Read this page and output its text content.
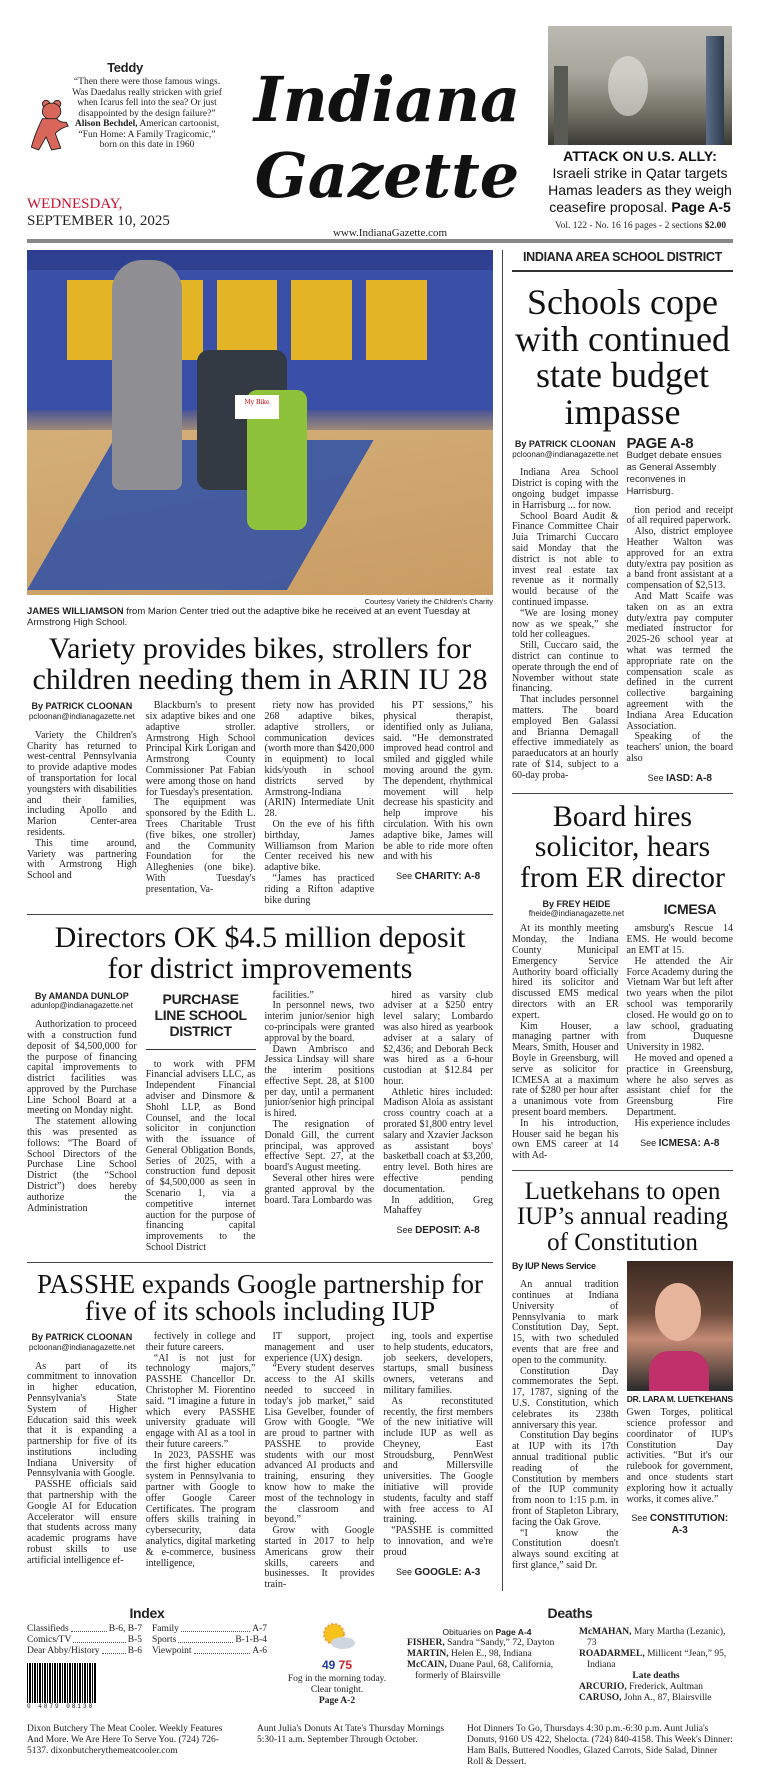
Teddy
“Then there were those famous wings. Was Daedalus really stricken with grief when Icarus fell into the sea? Or just disappointed by the design failure?”
Alison Bechdel, American cartoonist, “Fun Home: A Family Tragicomic,” born on this date in 1960
WEDNESDAY,
SEPTEMBER 10, 2025
Indiana
Gazette	ATTACK ON U.S. ALLY: Israeli strike in Qatar targets Hamas leaders as they weigh ceasefire proposal. Page A-5
www.IndianaGazette.com
Vol. 122 - No. 16 16 pages - 2 sections $2.00
My Bike
Courtesy Variety the Children's Charity
JAMES WILLIAMSON from Marion Center tried out the adaptive bike he received at an event Tuesday at Armstrong High School.
Variety provides bikes, strollers for children needing them in ARIN IU 28
By PATRICK CLOONAN
pcloonan@indianagazette.net

Variety the Children's Charity has returned to west-central Pennsylvania to provide adaptive modes of transportation for local youngsters with disabilities and their families, including Apollo and Marion Center-area residents.

This time around, Variety was partnering with Armstrong High School and

Blackburn's to present six adaptive bikes and one adaptive stroller. Armstrong High School Principal Kirk Lorigan and Armstrong County Commissioner Pat Fabian were among those on hand for Tuesday's presentation.

The equipment was sponsored by the Edith L. Trees Charitable Trust (five bikes, one stroller) and the Community Foundation for the Alleghenies (one bike). With Tuesday's presentation, Va-

riety now has provided 268 adaptive bikes, adaptive strollers, or communication devices (worth more than $420,000 in equipment) to local kids/youth in school districts served by Armstrong-Indiana (ARIN) Intermediate Unit 28.

On the eve of his fifth birthday, James Williamson from Marion Center received his new adaptive bike.

“James has practiced riding a Rifton adaptive bike during

his PT sessions,” his physical therapist, identified only as Juliana, said. “He demonstrated improved head control and smiled and giggled while moving around the gym. The dependent, rhythmical movement will help decrease his spasticity and help improve his circulation. With his own adaptive bike, James will be able to ride more often and with his

See CHARITY: A-8
Directors OK $4.5 million deposit for district improvements
By AMANDA DUNLOP
adunlop@indianagazette.net

Authorization to proceed with a construction fund deposit of $4,500,000 for the purpose of financing capital improvements to district facilities was approved by the Purchase Line School Board at a meeting on Monday night.

The statement allowing this was presented as follows: “The Board of School Directors of the Purchase Line School District (the “School District”) does hereby authorize the Administration

PURCHASE LINE SCHOOL DISTRICT

to work with PFM Financial advisers LLC, as Independent Financial adviser and Dinsmore & Shohl LLP, as Bond Counsel, and the local solicitor in conjunction with the issuance of General Obligation Bonds, Series of 2025, with a construction fund deposit of $4,500,000 as seen in Scenario 1, via a competitive internet auction for the purpose of financing capital improvements to the School District

facilities.”

In personnel news, two interim junior/senior high co-principals were granted approval by the board.

Dawn Ambrisco and Jessica Lindsay will share the interim positions effective Sept. 28, at $100 per day, until a permanent junior/senior high principal is hired.

The resignation of Donald Gill, the current principal, was approved effective Sept. 27, at the board's August meeting.

Several other hires were granted approval by the board. Tara Lombardo was

hired as varsity club adviser at a $250 entry level salary; Lombardo was also hired as yearbook adviser at a salary of $2,436; and Deborah Beck was hired as a 6-hour custodian at $12.84 per hour.

Athletic hires included: Madison Aloia as assistant cross country coach at a prorated $1,800 entry level salary and Xzavier Jackson as assistant boys' basketball coach at $3,200, entry level. Both hires are effective pending documentation.

In addition, Greg Mahaffey

See DEPOSIT: A-8
PASSHE expands Google partnership for five of its schools including IUP
By PATRICK CLOONAN
pcloonan@indianagazette.net

As part of its commitment to innovation in higher education, Pennsylvania's State System of Higher Education said this week that it is expanding a partnership for five of its institutions including Indiana University of Pennsylvania with Google.

PASSHE officials said that partnership with the Google AI for Education Accelerator will ensure that students across many academic programs have robust skills to use artificial intelligence ef-

fectively in college and their future careers.

“AI is not just for technology majors,” PASSHE Chancellor Dr. Christopher M. Fiorentino said. “I imagine a future in which every PASSHE university graduate will engage with AI as a tool in their future careers.”

In 2023, PASSHE was the first higher education system in Pennsylvania to partner with Google to offer Google Career Certificates. The program offers skills training in cybersecurity, data analytics, digital marketing & e-commerce, business intelligence,

IT support, project management and user experience (UX) design.

“Every student deserves access to the AI skills needed to succeed in today's job market,” said Lisa Gevelber, founder of Grow with Google. “We are proud to partner with PASSHE to provide students with our most advanced AI products and training, ensuring they know how to make the most of the technology in the classroom and beyond.”

Grow with Google started in 2017 to help Americans grow their skills, careers and businesses. It provides train-

ing, tools and expertise to help students, educators, job seekers, developers, startups, small business owners, veterans and military families.

As reconstituted recently, the first members of the new initiative will include IUP as well as Cheyney, East Stroudsburg, PennWest and Millersville universities. The Google initiative will provide students, faculty and staff with free access to AI training.

“PASSHE is committed to innovation, and we're proud

See GOOGLE: A-3
INDIANA AREA SCHOOL DISTRICT
Schools cope with continued state budget impasse
By PATRICK CLOONAN
pcloonan@indianagazette.net

Indiana Area School District is coping with the ongoing budget impasse in Harrisburg ... for now.

School Board Audit & Finance Committee Chair Juia Trimarchi Cuccaro said Monday that the district is not able to invest real estate tax revenue as it normally would because of the continued impasse.

“We are losing money now as we speak,” she told her colleagues.

Still, Cuccaro said, the district can continue to operate through the end of November without state financing.

That includes personnel matters. The board employed Ben Galassi and Brianna Demagall effective immediately as paraeducators at an hourly rate of $14, subject to a 60-day proba-

PAGE A-8
Budget debate ensues as General Assembly reconvenes in Harrisburg.

tion period and receipt of all required paperwork.

Also, district employee Heather Walton was approved for an extra duty/extra pay position as a band front assistant at a compensation of $2,513.

And Matt Scaife was taken on as an extra duty/extra pay computer mediated instructor for 2025-26 school year at what was termed the appropriate rate on the compensation scale as defined in the current collective bargaining agreement with the Indiana Area Education Association.

Speaking of the teachers' union, the board also

See IASD: A-8
Board hires solicitor, hears from ER director
By FREY HEIDE
fheide@indianagazette.net	ICMESA

At its monthly meeting Monday, the Indiana County Municipal Emergency Service Authority board officially hired its solicitor and discussed EMS medical directors with an ER expert.

Kim Houser, a managing partner with Mears, Smith, Houser and Boyle in Greensburg, will serve as solicitor for ICMESA at a maximum rate of $280 per hour after a unanimous vote from present board members.

In his introduction, Houser said he began his own EMS career at 14 with Ad-

amsburg's Rescue 14 EMS. He would become an EMT at 15.

He attended the Air Force Academy during the Vietnam War but left after two years when the pilot school was temporarily closed. He would go on to law school, graduating from Duquesne University in 1982.

He moved and opened a practice in Greensburg, where he also serves as assistant chief for the Greensburg Fire Department.

His experience includes

See ICMESA: A-8
Luetkehans to open IUP’s annual reading of Constitution
By IUP News Service

An annual tradition continues at Indiana University of Pennsylvania to mark Constitution Day, Sept. 15, with two scheduled events that are free and open to the community.

Constitution Day commemorates the Sept. 17, 1787, signing of the U.S. Constitution, which celebrates its 238th anniversary this year.

Constitution Day begins at IUP with its 17th annual traditional public reading of the Constitution by members of the IUP community from noon to 1:15 p.m. in front of Stapleton Library, facing the Oak Grove.

“I know the Constitution doesn't always sound exciting at first glance,” said Dr.

DR. LARA M. LUETKEHANS

Gwen Torges, political science professor and coordinator of IUP's Constitution Day activities. “But it's our rulebook for government, and once students start exploring how it actually works, it comes alive.”

See CONSTITUTION: A-3
Index
Classifieds	B-6, B-7
Comics/TV	B-5
Dear Abby/History	B-6
Family	A-7
Sports	B-1-B-4
Viewpoint	A-6
0 4879 08138
49 75
Fog in the morning today. Clear tonight.
Page A-2
Deaths
Obituaries on Page A-4
FISHER, Sandra “Sandy,” 72, Dayton
MARTIN, Helen E., 98, Indiana
McCAIN, Duane Paul, 68, California, formerly of Blairsville
McMAHAN, Mary Martha (Lezanic), 73
ROADARMEL, Millicent “Jean,” 95, Indiana
Late deaths
ARCURIO, Frederick, Aultman
CARUSO, John A., 87, Blairsville
Dixon Butchery The Meat Cooler. Weekly Features And More. We Are Here To Serve You. (724) 726-5137. dixonbutcherythemeatcooler.com
Aunt Julia's Donuts At Tate's Thursday Mornings 5:30-11 a.m. September Through October.
Hot Dinners To Go, Thursdays 4:30 p.m.-6:30 p.m. Aunt Julia's Donuts, 9160 US 422, Shelocta. (724) 840-4158. This Week's Dinner: Ham Balls, Buttered Noodles, Glazed Carrots, Side Salad, Dinner Roll & Dessert.
